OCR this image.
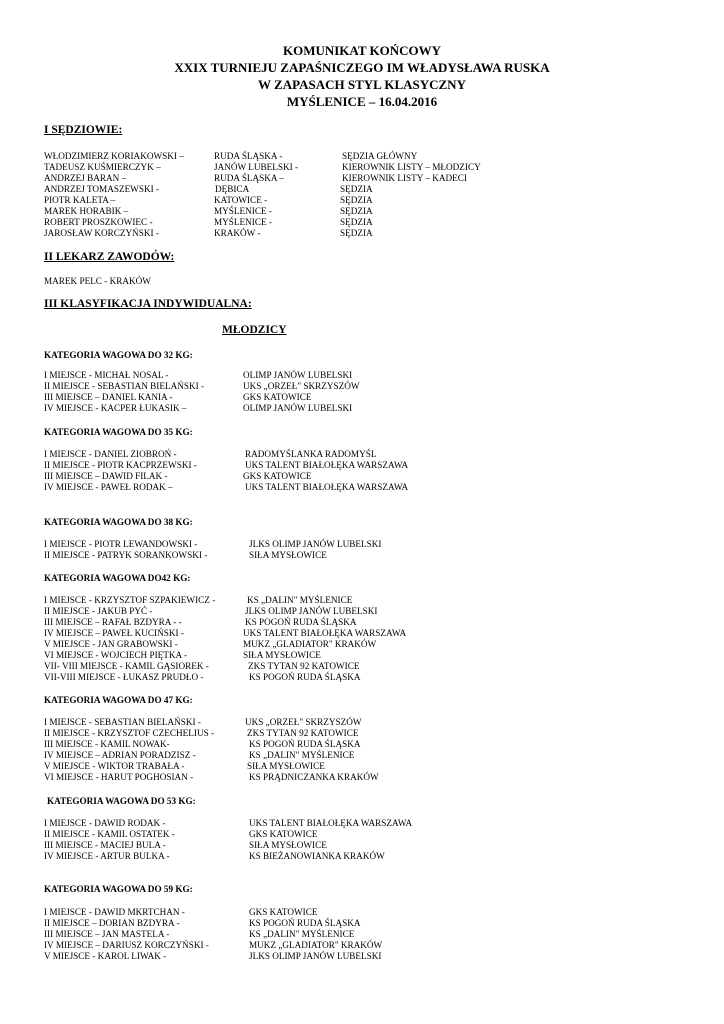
KOMUNIKAT KOŃCOWY
XXIX TURNIEJU ZAPAŚNICZEGO IM WŁADYSŁAWA RUSKA
W ZAPASACH STYL KLASYCZNY
MYŚLENICE – 16.04.2016
I SĘDZIOWIE:
WŁODZIMIERZ KORIAKOWSKI –	RUDA ŚLĄSKA -	SĘDZIA GŁÓWNY
TADEUSZ KUŚMIERCZYK –	JANÓW LUBELSKI -	KIEROWNIK LISTY – MŁODZICY
ANDRZEJ BARAN –	RUDA ŚLĄSKA –	KIEROWNIK LISTY – KADECI
ANDRZEJ TOMASZEWSKI -	DĘBICA	SĘDZIA
PIOTR KALETA –	KATOWICE -	SĘDZIA
MAREK HORABIK –	MYŚLENICE -	SĘDZIA
ROBERT PROSZKOWIEC -	MYŚLENICE -	SĘDZIA
JAROSŁAW KORCZYŃSKI -	KRAKÓW -	SĘDZIA
II LEKARZ ZAWODÓW:
MAREK PELC - KRAKÓW
III KLASYFIKACJA INDYWIDUALNA:
MŁODZICY
KATEGORIA WAGOWA DO 32 KG:
I MIEJSCE - MICHAŁ NOSAL -	OLIMP JANÓW LUBELSKI
II MIEJSCE - SEBASTIAN BIELAŃSKI -	UKS „ORZEŁ" SKRZYSZÓW
III MIEJSCE – DANIEL KANIA -	GKS KATOWICE
IV MIEJSCE - KACPER ŁUKASIK –	OLIMP JANÓW LUBELSKI
KATEGORIA WAGOWA DO 35 KG:
I MIEJSCE - DANIEL ZIOBROŃ -	RADOMYŚLANKA RADOMYŚL
II MIEJSCE - PIOTR KACPRZEWSKI -	UKS TALENT BIAŁOŁĘKA WARSZAWA
III MIEJSCE – DAWID FILAK -	GKS KATOWICE
IV MIEJSCE - PAWEŁ RODAK –	UKS TALENT BIAŁOŁĘKA WARSZAWA
KATEGORIA WAGOWA DO 38 KG:
I MIEJSCE - PIOTR LEWANDOWSKI -	JLKS OLIMP JANÓW LUBELSKI
II MIEJSCE - PATRYK SORANKOWSKI -	SIŁA MYSŁOWICE
KATEGORIA WAGOWA DO42 KG:
I MIEJSCE - KRZYSZTOF SZPAKIEWICZ -	KS „DALIN" MYŚLENICE
II MIEJSCE - JAKUB PYĆ -	JLKS OLIMP JANÓW LUBELSKI
III MIEJSCE – RAFAŁ BZDYRA - -	KS POGOŃ RUDA ŚLĄSKA
IV MIEJSCE – PAWEŁ KUCIŃSKI -	UKS TALENT BIAŁOŁĘKA WARSZAWA
V MIEJSCE - JAN GRABOWSKI -	MUKZ „GLADIATOR" KRAKÓW
VI MIEJSCE - WOJCIECH PIĘTKA -	SIŁA MYSŁOWICE
VII- VIII MIEJSCE - KAMIL GĄSIOREK -	ZKS TYTAN 92 KATOWICE
VII-VIII MIEJSCE - ŁUKASZ PRUDŁO -	KS POGOŃ RUDA ŚLĄSKA
KATEGORIA WAGOWA DO 47 KG:
I MIEJSCE - SEBASTIAN BIELAŃSKI -	UKS „ORZEŁ" SKRZYSZÓW
II MIEJSCE - KRZYSZTOF CZECHELIUS -	ZKS TYTAN 92 KATOWICE
III MIEJSCE - KAMIL NOWAK-	KS POGOŃ RUDA ŚLĄSKA
IV MIEJSCE – ADRIAN PORADZISZ -	KS „DALIN" MYŚLENICE
V MIEJSCE - WIKTOR TRABAŁA -	SIŁA MYSŁOWICE
VI MIEJSCE - HARUT POGHOSIAN -	KS PRĄDNICZANKA KRAKÓW
KATEGORIA WAGOWA DO 53 KG:
I MIEJSCE - DAWID RODAK -	UKS TALENT BIAŁOŁĘKA WARSZAWA
II MIEJSCE - KAMIL OSTATEK -	GKS KATOWICE
III MIEJSCE - MACIEJ BULA -	SIŁA MYSŁOWICE
IV MIEJSCE - ARTUR BULKA -	KS BIEŻANOWIANKA KRAKÓW
KATEGORIA WAGOWA DO 59 KG:
I MIEJSCE - DAWID MKRTCHAN -	GKS KATOWICE
II MIEJSCE – DORIAN BZDYRA -	KS POGOŃ RUDA ŚLĄSKA
III MIEJSCE – JAN MASTELA -	KS „DALIN" MYŚLENICE
IV MIEJSCE – DARIUSZ KORCZYŃSKI -	MUKZ „GLADIATOR" KRAKÓW
V MIEJSCE - KAROL LIWAK -	JLKS OLIMP JANÓW LUBELSKI
